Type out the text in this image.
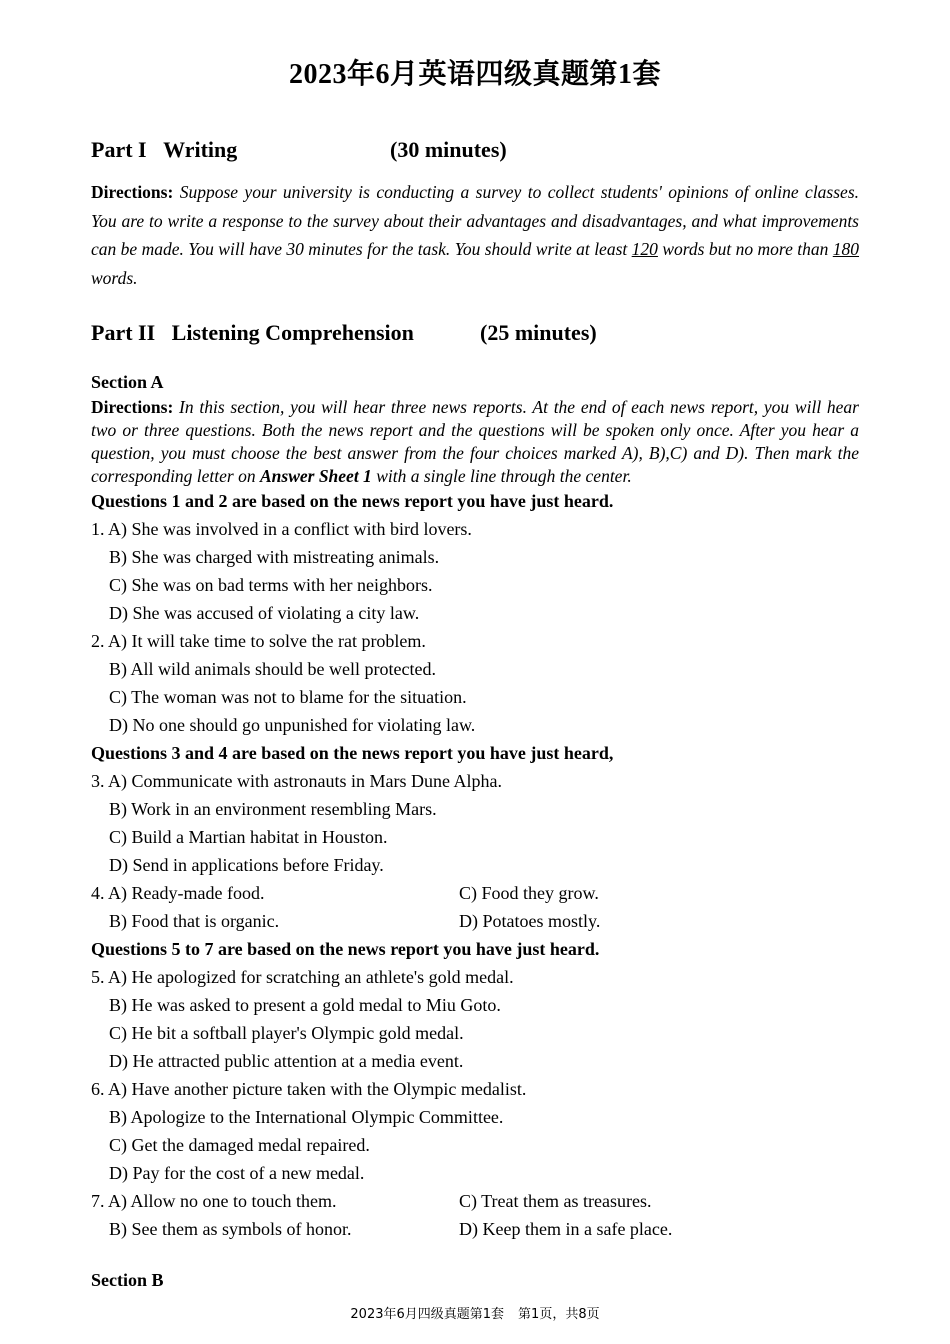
2023年6月英语四级真题第1套
Part I Writing	(30 minutes)
Directions: Suppose your university is conducting a survey to collect students' opinions of online classes. You are to write a response to the survey about their advantages and disadvantages, and what improvements can be made. You will have 30 minutes for the task. You should write at least 120 words but no more than 180 words.
Part II Listening Comprehension	(25 minutes)
Section A
Directions: In this section, you will hear three news reports. At the end of each news report, you will hear two or three questions. Both the news report and the questions will be spoken only once. After you hear a question, you must choose the best answer from the four choices marked A), B),C) and D). Then mark the corresponding letter on Answer Sheet 1 with a single line through the center.
Questions 1 and 2 are based on the news report you have just heard.
1. A) She was involved in a conflict with bird lovers.
B) She was charged with mistreating animals.
C) She was on bad terms with her neighbors.
D) She was accused of violating a city law.
2. A) It will take time to solve the rat problem.
B) All wild animals should be well protected.
C) The woman was not to blame for the situation.
D) No one should go unpunished for violating law.
Questions 3 and 4 are based on the news report you have just heard,
3. A) Communicate with astronauts in Mars Dune Alpha.
B) Work in an environment resembling Mars.
C) Build a Martian habitat in Houston.
D) Send in applications before Friday.
4. A) Ready-made food.	C) Food they grow.
B) Food that is organic.	D) Potatoes mostly.
Questions 5 to 7 are based on the news report you have just heard.
5. A) He apologized for scratching an athlete's gold medal.
B) He was asked to present a gold medal to Miu Goto.
C) He bit a softball player's Olympic gold medal.
D) He attracted public attention at a media event.
6. A) Have another picture taken with the Olympic medalist.
B) Apologize to the International Olympic Committee.
C) Get the damaged medal repaired.
D) Pay for the cost of a new medal.
7. A) Allow no one to touch them.	C) Treat them as treasures.
B) See them as symbols of honor.	D) Keep them in a safe place.
Section B
2023年6月四级真题第1套 第1页，共8页
